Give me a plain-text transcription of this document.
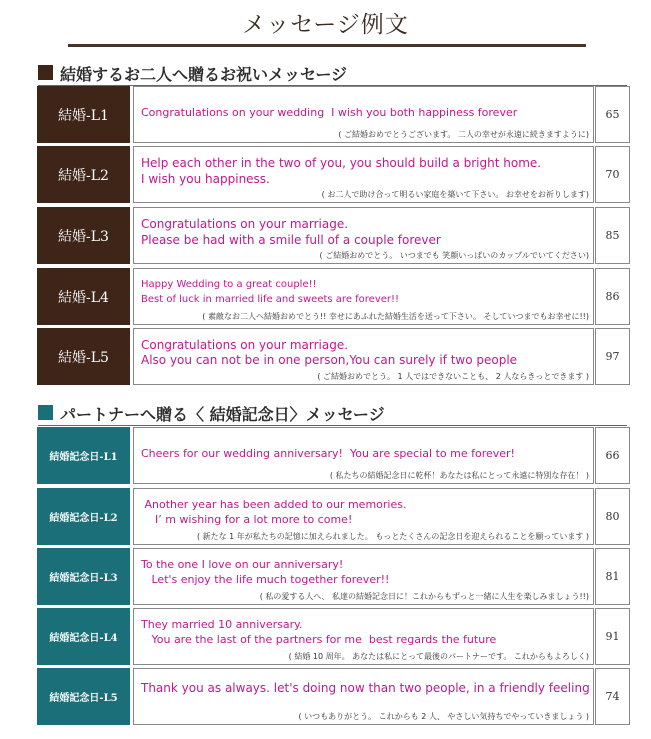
メッセージ例文
結婚するお二人へ贈るお祝いメッセージ
結婚-L1	Congratulations on your wedding  I wish you both happiness forever
( ご結婚おめでとうございます。 二人の幸せが永遠に続きますように)
65
結婚-L2
Help each other in the two of you, you should build a bright home.
I wish you happiness.
( お二人で助け合って明るい家庭を築いて下さい。 お幸せをお祈りします)
70
結婚-L3
Congratulations on your marriage.
Please be had with a smile full of a couple forever
( ご結婚おめでとう。 いつまでも 笑顔いっぱいのカップルでいてください)
85
結婚-L4
Happy Wedding to a great couple!!
Best of luck in married life and sweets are forever!!
( 素敵なお二人へ結婚おめでとう!! 幸せにあふれた結婚生活を送って下さい。 そしていつまでもお幸せに!!)
86
結婚-L5
Congratulations on your marriage.
Also you can not be in one person,You can surely if two people
( ご結婚おめでとう。 1 人ではできないことも、 2 人ならきっとできます )
97
パートナーへ贈る〈 結婚記念日〉メッセージ
結婚記念日-L1	Cheers for our wedding anniversary!  You are special to me forever!
( 私たちの結婚記念日に乾杯！あなたは私にとって永遠に特別な存在！ )
66
結婚記念日-L2
Another year has been added to our memories.
I’ m wishing for a lot more to come!
( 新たな 1 年が私たちの記憶に加えられました。 もっとたくさんの記念日を迎えられることを願っています )
80
結婚記念日-L3
To the one I love on our anniversary!
Let's enjoy the life much together forever!!
( 私の愛する人へ、 私達の結婚記念日に！これからもずっと一緒に人生を楽しみましょう!!)
81
結婚記念日-L4
They married 10 anniversary.
You are the last of the partners for me  best regards the future
( 結婚 10 周年。 あなたは私にとって最後のパートナーです。 これからもよろしく)
91
結婚記念日-L5
Thank you as always. let's doing now than two people, in a friendly feeling
( いつもありがとう。 これからも 2 人、 やさしい気持ちでやっていきましょう )
74
